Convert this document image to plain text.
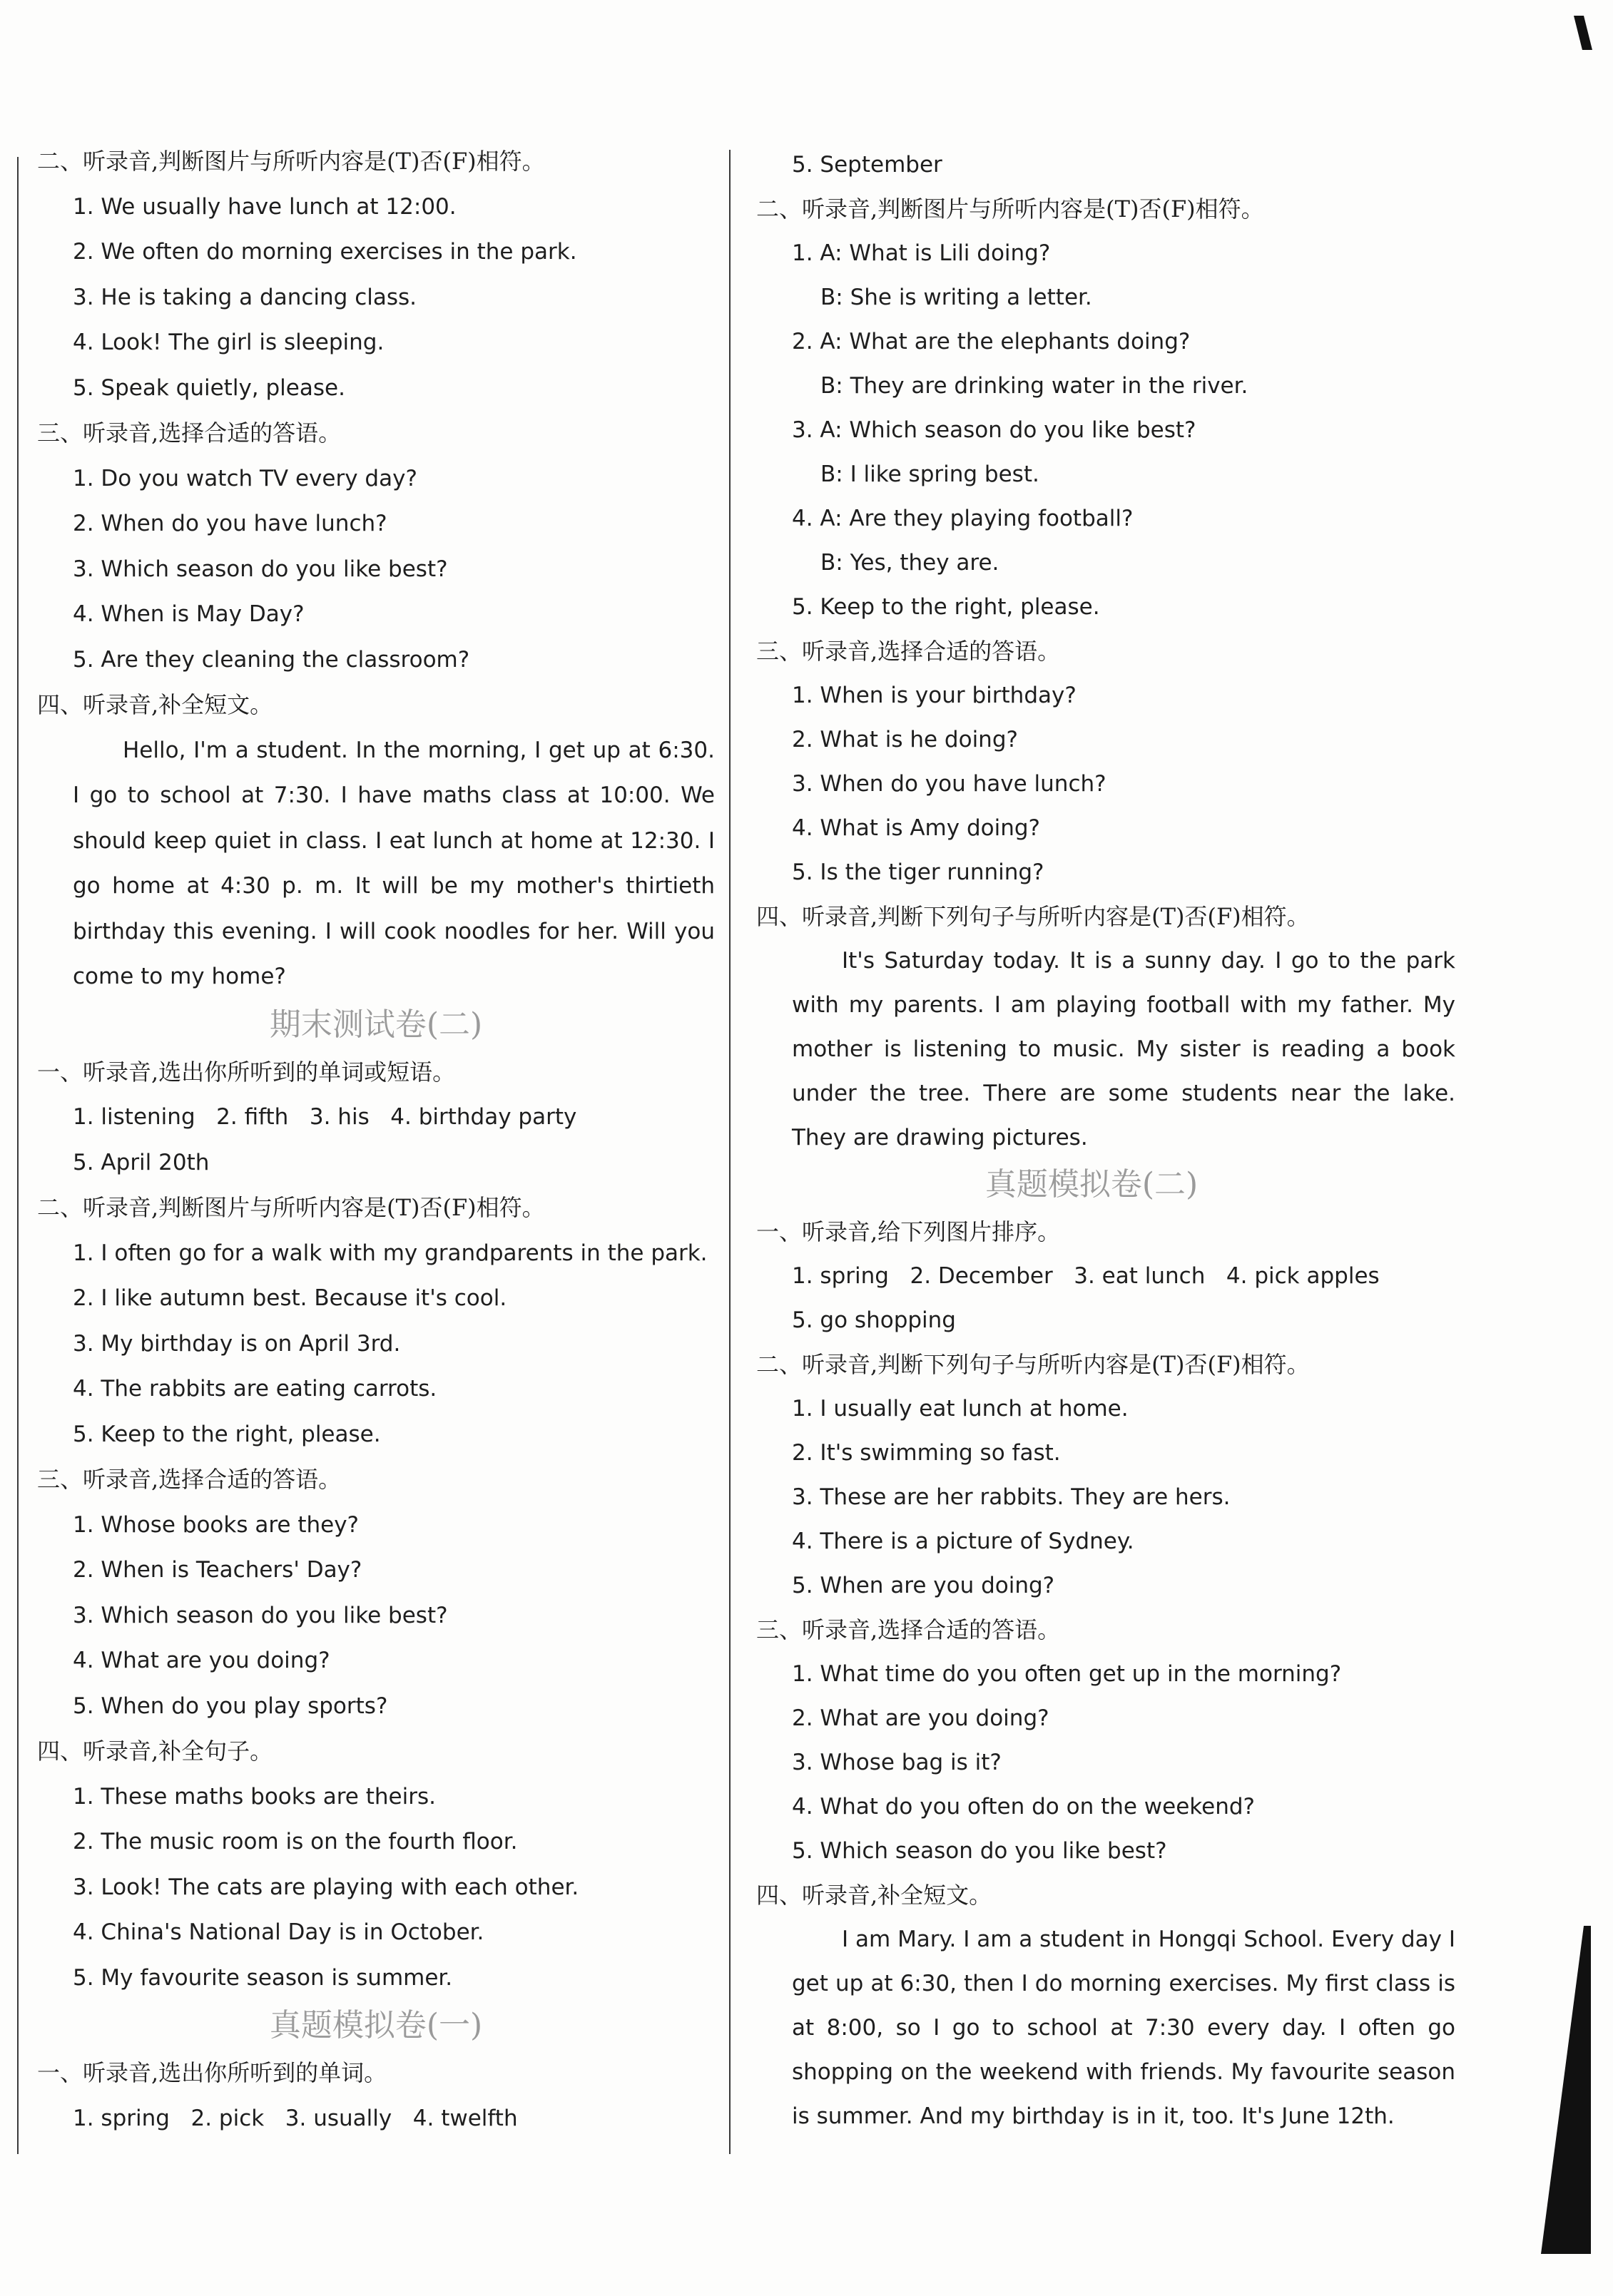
二、听录音,判断图片与所听内容是(T)否(F)相符。
1. We usually have lunch at 12:00.
2. We often do morning exercises in the park.
3. He is taking a dancing class.
4. Look! The girl is sleeping.
5. Speak quietly, please.
三、听录音,选择合适的答语。
1. Do you watch TV every day?
2. When do you have lunch?
3. Which season do you like best?
4. When is May Day?
5. Are they cleaning the classroom?
四、听录音,补全短文。
Hello, I'm a student. In the morning, I get up at 6:30. I go to school at 7:30. I have maths class at 10:00. We should keep quiet in class. I eat lunch at home at 12:30. I go home at 4:30 p. m. It will be my mother's thirtieth birthday this evening. I will cook noodles for her. Will you come to my home?
期末测试卷(二)
一、听录音,选出你所听到的单词或短语。
1. listening   2. fifth   3. his   4. birthday party
5. April 20th
二、听录音,判断图片与所听内容是(T)否(F)相符。
1. I often go for a walk with my grandparents in the park.
2. I like autumn best. Because it's cool.
3. My birthday is on April 3rd.
4. The rabbits are eating carrots.
5. Keep to the right, please.
三、听录音,选择合适的答语。
1. Whose books are they?
2. When is Teachers' Day?
3. Which season do you like best?
4. What are you doing?
5. When do you play sports?
四、听录音,补全句子。
1. These maths books are theirs.
2. The music room is on the fourth floor.
3. Look! The cats are playing with each other.
4. China's National Day is in October.
5. My favourite season is summer.
真题模拟卷(一)
一、听录音,选出你所听到的单词。
1. spring   2. pick   3. usually   4. twelfth
5. September
二、听录音,判断图片与所听内容是(T)否(F)相符。
1. A: What is Lili doing?
B: She is writing a letter.
2. A: What are the elephants doing?
B: They are drinking water in the river.
3. A: Which season do you like best?
B: I like spring best.
4. A: Are they playing football?
B: Yes, they are.
5. Keep to the right, please.
三、听录音,选择合适的答语。
1. When is your birthday?
2. What is he doing?
3. When do you have lunch?
4. What is Amy doing?
5. Is the tiger running?
四、听录音,判断下列句子与所听内容是(T)否(F)相符。
It's Saturday today. It is a sunny day. I go to the park with my parents. I am playing football with my father. My mother is listening to music. My sister is reading a book under the tree. There are some students near the lake. They are drawing pictures.
真题模拟卷(二)
一、听录音,给下列图片排序。
1. spring   2. December   3. eat lunch   4. pick apples
5. go shopping
二、听录音,判断下列句子与所听内容是(T)否(F)相符。
1. I usually eat lunch at home.
2. It's swimming so fast.
3. These are her rabbits. They are hers.
4. There is a picture of Sydney.
5. When are you doing?
三、听录音,选择合适的答语。
1. What time do you often get up in the morning?
2. What are you doing?
3. Whose bag is it?
4. What do you often do on the weekend?
5. Which season do you like best?
四、听录音,补全短文。
I am Mary. I am a student in Hongqi School. Every day I get up at 6:30, then I do morning exercises. My first class is at 8:00, so I go to school at 7:30 every day. I often go shopping on the weekend with friends. My favourite season is summer. And my birthday is in it, too. It's June 12th.
